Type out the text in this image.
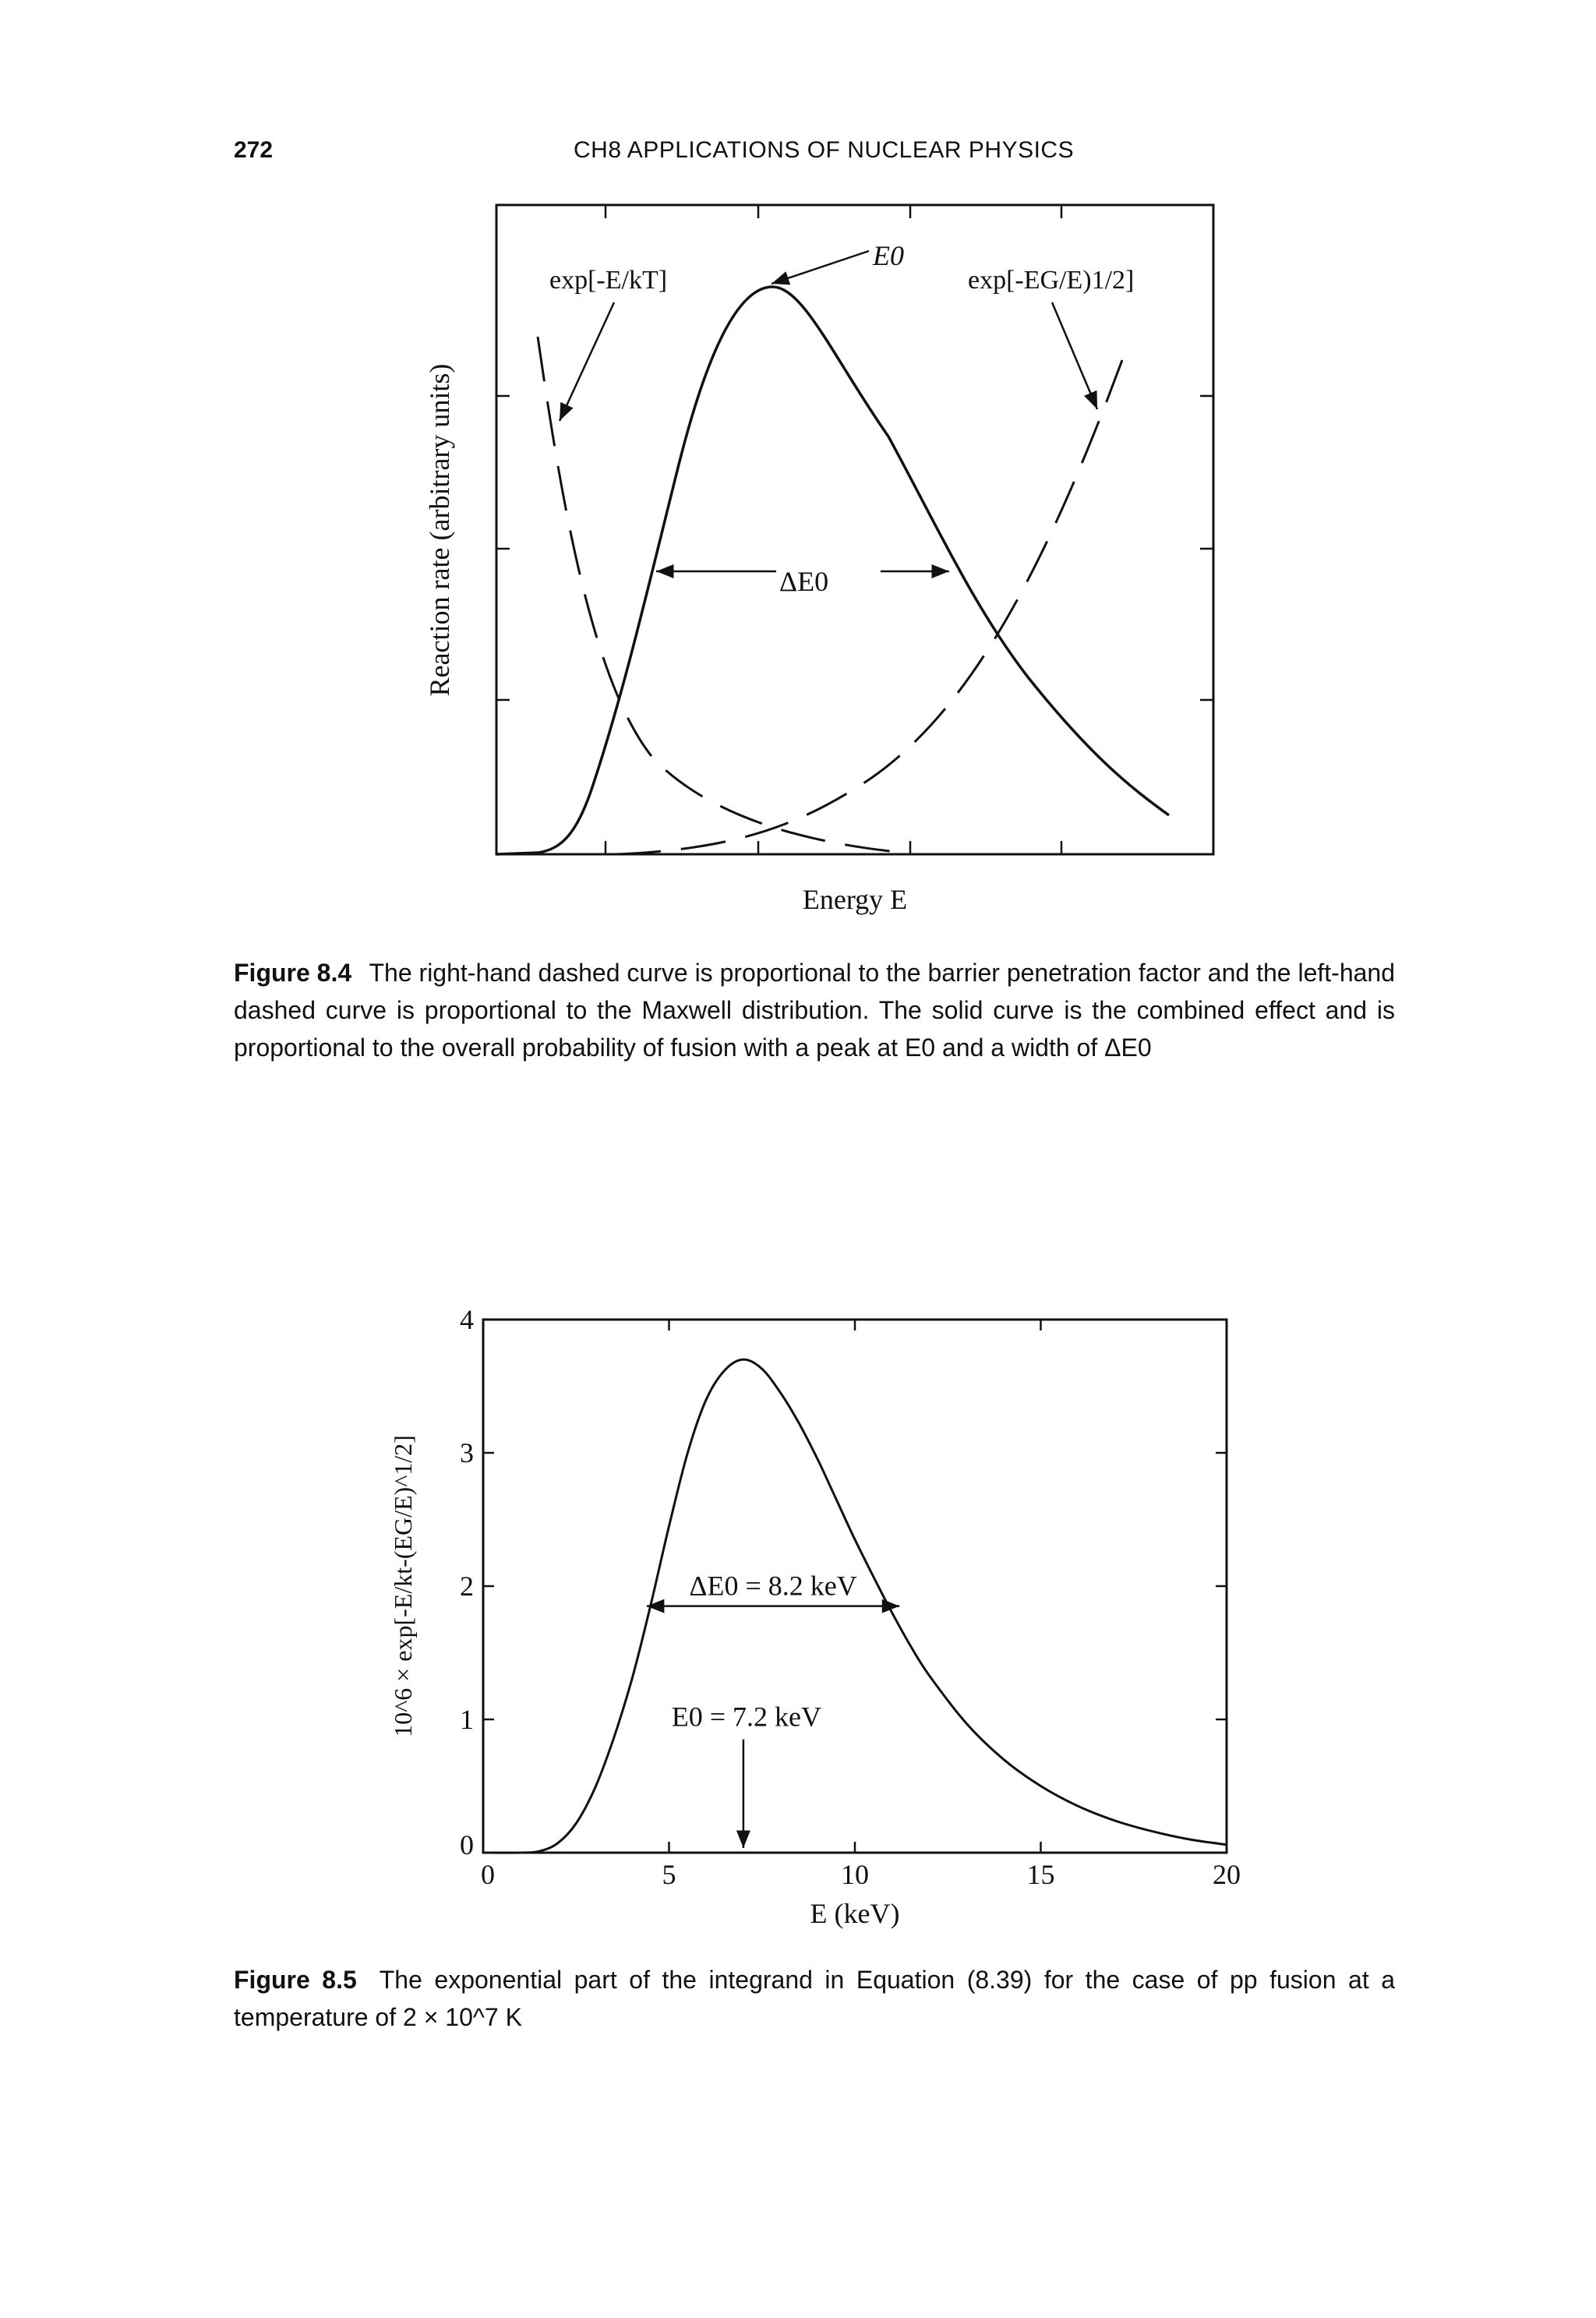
272	CH8 APPLICATIONS OF NUCLEAR PHYSICS
exp[-E/kT]
E0
exp[-EG/E)1/2]
ΔE0
Reaction rate (arbitrary units)
Energy E
Figure 8.4 The right-hand dashed curve is proportional to the barrier penetration factor and the left-hand dashed curve is proportional to the Maxwell distribution. The solid curve is the combined effect and is proportional to the overall probability of fusion with a peak at E0 and a width of ΔE0
0	5	10	15	20
0
1
2
3
4
ΔE0 = 8.2 keV
E0 = 7.2 keV
E (keV)
10^6 × exp[-E/kt-(EG/E)^1/2]
Figure 8.5 The exponential part of the integrand in Equation (8.39) for the case of pp fusion at a temperature of 2 × 10^7 K
